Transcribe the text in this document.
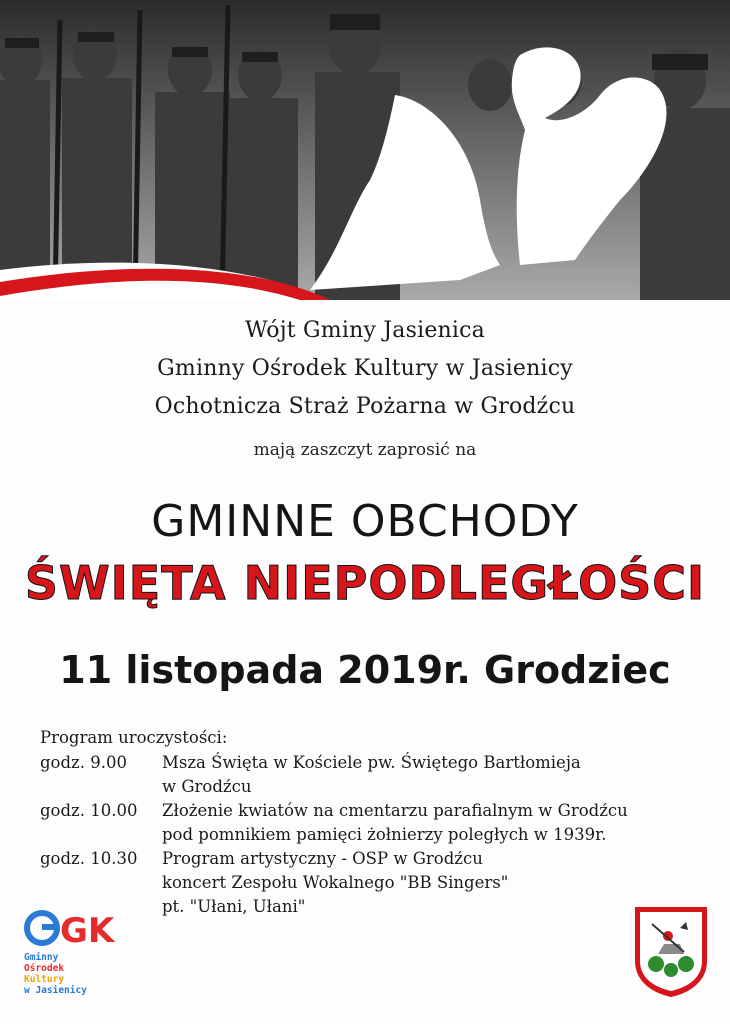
Wójt Gminy Jasienica
Gminny Ośrodek Kultury w Jasienicy
Ochotnicza Straż Pożarna w Grodźcu
mają zaszczyt zaprosić na
GMINNE OBCHODY
ŚWIĘTA NIEPODLEGŁOŚCI
11 listopada 2019r. Grodziec
Program uroczystości:
godz. 9.00	Msza Święta w Kościele pw. Świętego Bartłomieja
w Grodźcu
godz. 10.00	Złożenie kwiatów na cmentarzu parafialnym w Grodźcu
pod pomnikiem pamięci żołnierzy poległych w 1939r.
godz. 10.30	Program artystyczny - OSP w Grodźcu
koncert Zespołu Wokalnego "BB Singers"
pt. "Ułani, Ułani"
GK
Gminny
Ośrodek
Kultury
w Jasienicy
GMINA JASIENICA
